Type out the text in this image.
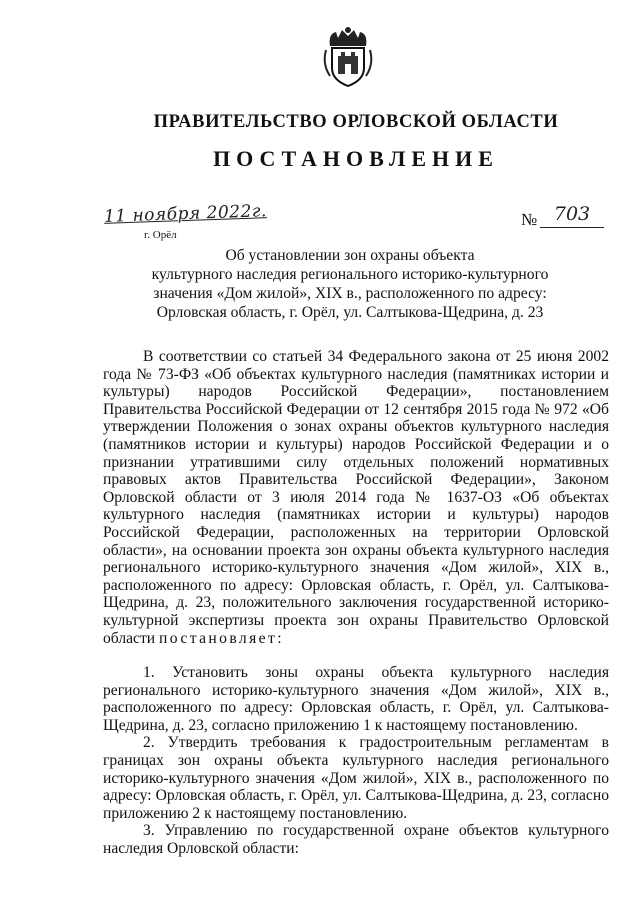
ПРАВИТЕЛЬСТВО ОРЛОВСКОЙ ОБЛАСТИ
ПОСТАНОВЛЕНИЕ
11 ноября 2022г.
г. Орёл
№ 703
Об установлении зон охраны объекта
культурного наследия регионального историко-культурного
значения «Дом жилой», XIX в., расположенного по адресу:
Орловская область, г. Орёл, ул. Салтыкова-Щедрина, д. 23

В соответствии со статьей 34 Федерального закона от 25 июня 2002 года № 73-ФЗ «Об объектах культурного наследия (памятниках истории и культуры) народов Российской Федерации», постановлением Правительства Российской Федерации от 12 сентября 2015 года № 972 «Об утверждении Положения о зонах охраны объектов культурного наследия (памятников истории и культуры) народов Российской Федерации и о признании утратившими силу отдельных положений нормативных правовых актов Правительства Российской Федерации», Законом Орловской области от 3 июля 2014 года № 1637-ОЗ «Об объектах культурного наследия (памятниках истории и культуры) народов Российской Федерации, расположенных на территории Орловской области», на основании проекта зон охраны объекта культурного наследия регионального историко-культурного значения «Дом жилой», XIX в., расположенного по адресу: Орловская область, г. Орёл, ул. Салтыкова-Щедрина, д. 23, положительного заключения государственной историко-культурной экспертизы проекта зон охраны Правительство Орловской области постановляет:

1. Установить зоны охраны объекта культурного наследия регионального историко-культурного значения «Дом жилой», XIX в., расположенного по адресу: Орловская область, г. Орёл, ул. Салтыкова-Щедрина, д. 23, согласно приложению 1 к настоящему постановлению.

2. Утвердить требования к градостроительным регламентам в границах зон охраны объекта культурного наследия регионального историко-культурного значения «Дом жилой», XIX в., расположенного по адресу: Орловская область, г. Орёл, ул. Салтыкова-Щедрина, д. 23, согласно приложению 2 к настоящему постановлению.

3. Управлению по государственной охране объектов культурного наследия Орловской области:
